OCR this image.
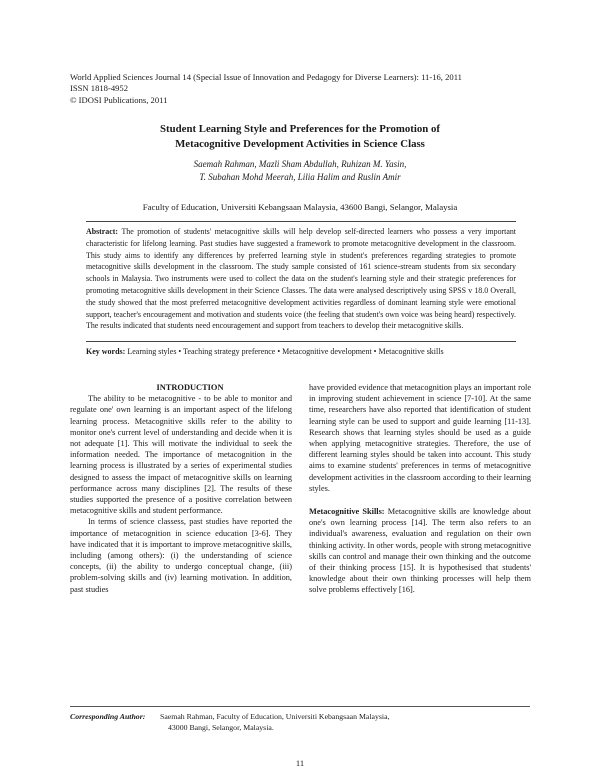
World Applied Sciences Journal 14 (Special Issue of Innovation and Pedagogy for Diverse Learners): 11-16, 2011
ISSN 1818-4952
© IDOSI Publications, 2011
Student Learning Style and Preferences for the Promotion of
Metacognitive Development Activities in Science Class
Saemah Rahman, Mazli Sham Abdullah, Ruhizan M. Yasin,
T. Subahan Mohd Meerah, Lilia Halim and Ruslin Amir
Faculty of Education, Universiti Kebangsaan Malaysia, 43600 Bangi, Selangor, Malaysia
Abstract: The promotion of students' metacognitive skills will help develop self-directed learners who possess a very important characteristic for lifelong learning. Past studies have suggested a framework to promote metacognitive development in the classroom. This study aims to identify any differences by preferred learning style in student's preferences regarding strategies to promote metacognitive skills development in the classroom. The study sample consisted of 161 science-stream students from six secondary schools in Malaysia. Two instruments were used to collect the data on the student's learning style and their strategic preferences for promoting metacognitive skills development in their Science Classes. The data were analysed descriptively using SPSS v 18.0 Overall, the study showed that the most preferred metacognitive development activities regardless of dominant learning style were emotional support, teacher's encouragement and motivation and students voice (the feeling that student's own voice was being heard) respectively. The results indicated that students need encouragement and support from teachers to develop their metacognitive skills.
Key words: Learning styles • Teaching strategy preference • Metacognitive development • Metacognitive skills

INTRODUCTION

The ability to be metacognitive - to be able to monitor and regulate one' own learning is an important aspect of the lifelong learning process. Metacognitive skills refer to the ability to monitor one's current level of understanding and decide when it is not adequate [1]. This will motivate the individual to seek the information needed. The importance of metacognition in the learning process is illustrated by a series of experimental studies designed to assess the impact of metacognitive skills on learning performance across many disciplines [2]. The results of these studies supported the presence of a positive correlation between metacognitive skills and student performance.

In terms of science classess, past studies have reported the importance of metacognition in science education [3-6]. They have indicated that it is important to improve metacognitive skills, including (among others): (i) the understanding of science concepts, (ii) the ability to undergo conceptual change, (iii) problem-solving skills and (iv) learning motivation. In addition, past studies

have provided evidence that metacognition plays an important role in improving student achievement in science [7-10]. At the same time, researchers have also reported that identification of student learning style can be used to support and guide learning [11-13]. Research shows that learning styles should be used as a guide when applying metacognitive strategies. Therefore, the use of different learning styles should be taken into account. This study aims to examine students' preferences in terms of metacognitive development activities in the classroom according to their learning styles.

Metacognitive Skills: Metacognitive skills are knowledge about one's own learning process [14]. The term also refers to an individual's awareness, evaluation and regulation on their own thinking activity. In other words, people with strong metacognitive skills can control and manage their own thinking and the outcome of their thinking process [15]. It is hypothesised that students' knowledge about their own thinking processes will help them solve problems effectively [16].

Corresponding Author: Saemah Rahman, Faculty of Education, Universiti Kebangsaan Malaysia,
43000 Bangi, Selangor, Malaysia.
11
